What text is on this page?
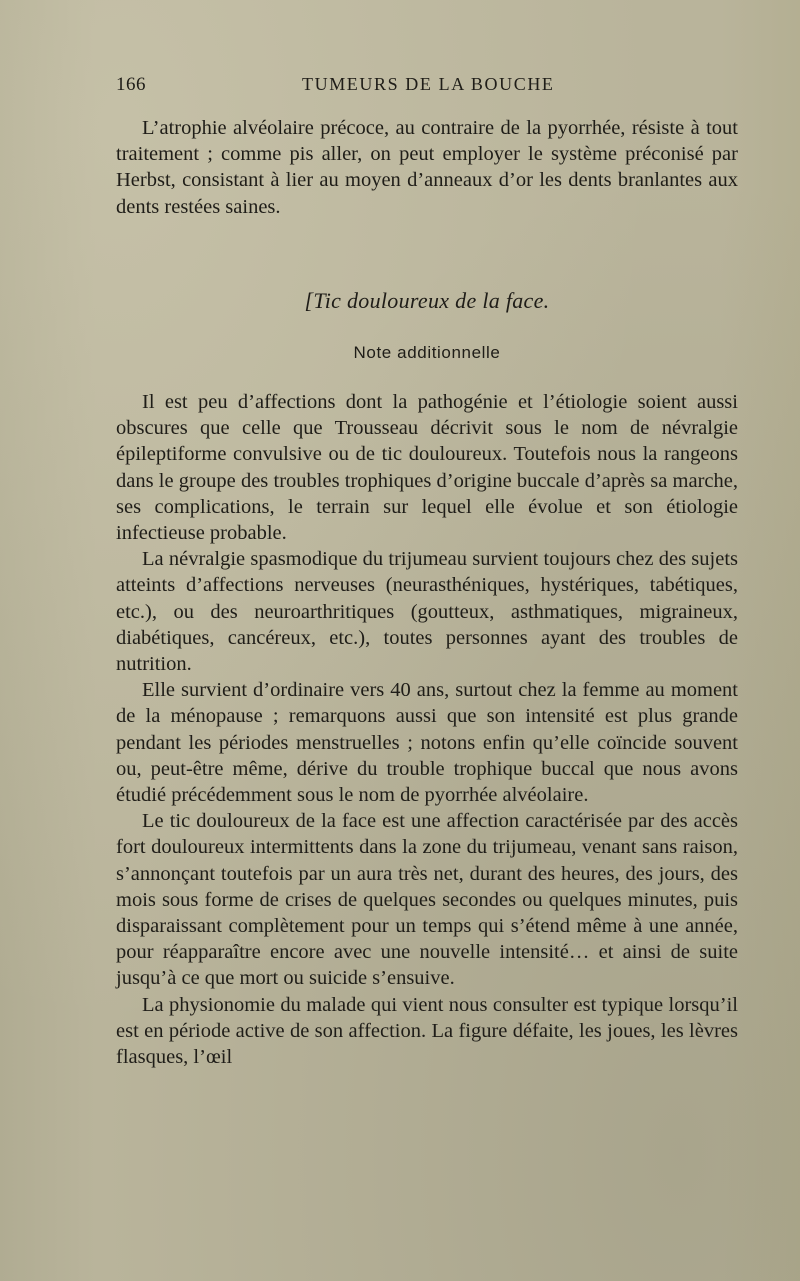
166	TUMEURS DE LA BOUCHE

L’atrophie alvéolaire précoce, au contraire de la pyorrhée, résiste à tout traitement ; comme pis aller, on peut employer le système préconisé par Herbst, consistant à lier au moyen d’anneaux d’or les dents branlantes aux dents restées saines.

[Tic douloureux de la face.
Note additionnelle

Il est peu d’affections dont la pathogénie et l’étiologie soient aussi obscures que celle que Trousseau décrivit sous le nom de névralgie épileptiforme convulsive ou de tic douloureux. Toutefois nous la rangeons dans le groupe des troubles trophiques d’origine buccale d’après sa marche, ses complications, le terrain sur lequel elle évolue et son étiologie infectieuse probable.

La névralgie spasmodique du trijumeau survient toujours chez des sujets atteints d’affections nerveuses (neurasthéniques, hystériques, tabétiques, etc.), ou des neuroarthritiques (goutteux, asthmatiques, migraineux, diabétiques, cancéreux, etc.), toutes personnes ayant des troubles de nutrition.

Elle survient d’ordinaire vers 40 ans, surtout chez la femme au moment de la ménopause ; remarquons aussi que son intensité est plus grande pendant les périodes menstruelles ; notons enfin qu’elle coïncide souvent ou, peut-être même, dérive du trouble trophique buccal que nous avons étudié précédemment sous le nom de pyorrhée alvéolaire.

Le tic douloureux de la face est une affection caractérisée par des accès fort douloureux intermittents dans la zone du trijumeau, venant sans raison, s’annonçant toutefois par un aura très net, durant des heures, des jours, des mois sous forme de crises de quelques secondes ou quelques minutes, puis disparaissant complètement pour un temps qui s’étend même à une année, pour réapparaître encore avec une nouvelle intensité… et ainsi de suite jusqu’à ce que mort ou suicide s’ensuive.

La physionomie du malade qui vient nous consulter est typique lorsqu’il est en période active de son affection. La figure défaite, les joues, les lèvres flasques, l’œil
